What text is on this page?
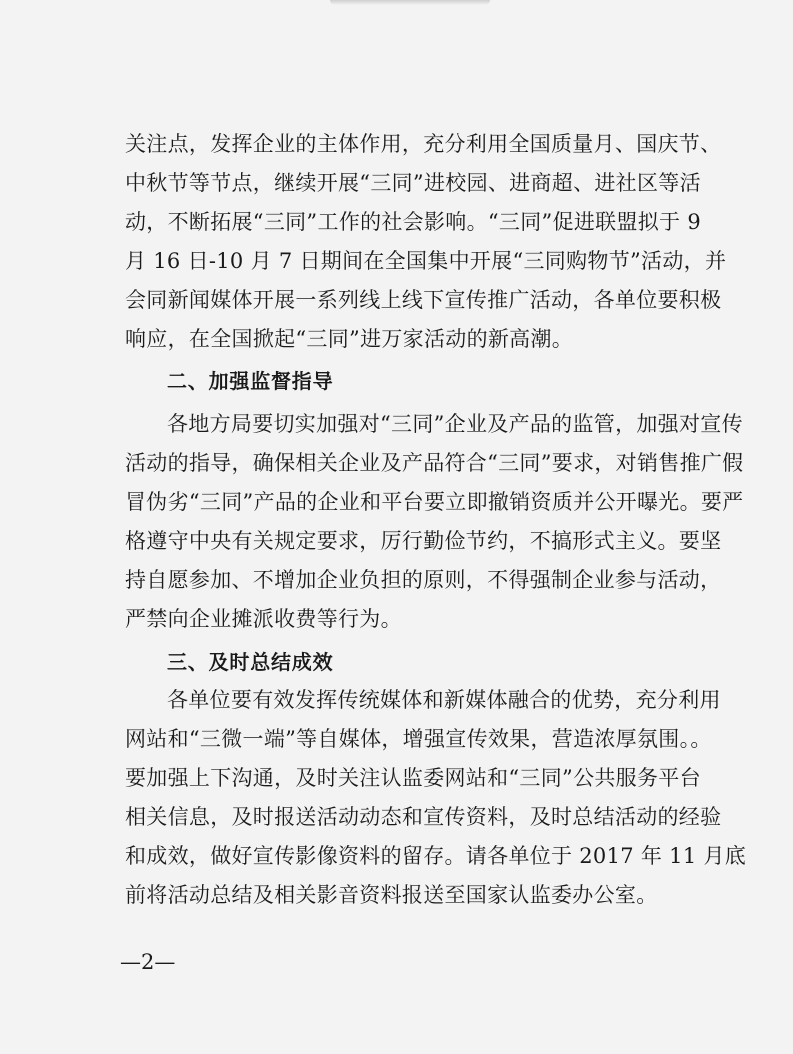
关注点，发挥企业的主体作用，充分利用全国质量月、国庆节、
中秋节等节点，继续开展“三同”进校园、进商超、进社区等活
动，不断拓展“三同”工作的社会影响。“三同”促进联盟拟于 9
月 16 日-10 月 7 日期间在全国集中开展“三同购物节”活动，并
会同新闻媒体开展一系列线上线下宣传推广活动，各单位要积极
响应，在全国掀起“三同”进万家活动的新高潮。
二、加强监督指导
各地方局要切实加强对“三同”企业及产品的监管，加强对宣传
活动的指导，确保相关企业及产品符合“三同”要求，对销售推广假
冒伪劣“三同”产品的企业和平台要立即撤销资质并公开曝光。要严
格遵守中央有关规定要求，厉行勤俭节约，不搞形式主义。要坚
持自愿参加、不增加企业负担的原则，不得强制企业参与活动，
严禁向企业摊派收费等行为。
三、及时总结成效
各单位要有效发挥传统媒体和新媒体融合的优势，充分利用
网站和“三微一端”等自媒体，增强宣传效果，营造浓厚氛围。。
要加强上下沟通，及时关注认监委网站和“三同”公共服务平台
相关信息，及时报送活动动态和宣传资料，及时总结活动的经验
和成效，做好宣传影像资料的留存。请各单位于 2017 年 11 月底
前将活动总结及相关影音资料报送至国家认监委办公室。
—2—
